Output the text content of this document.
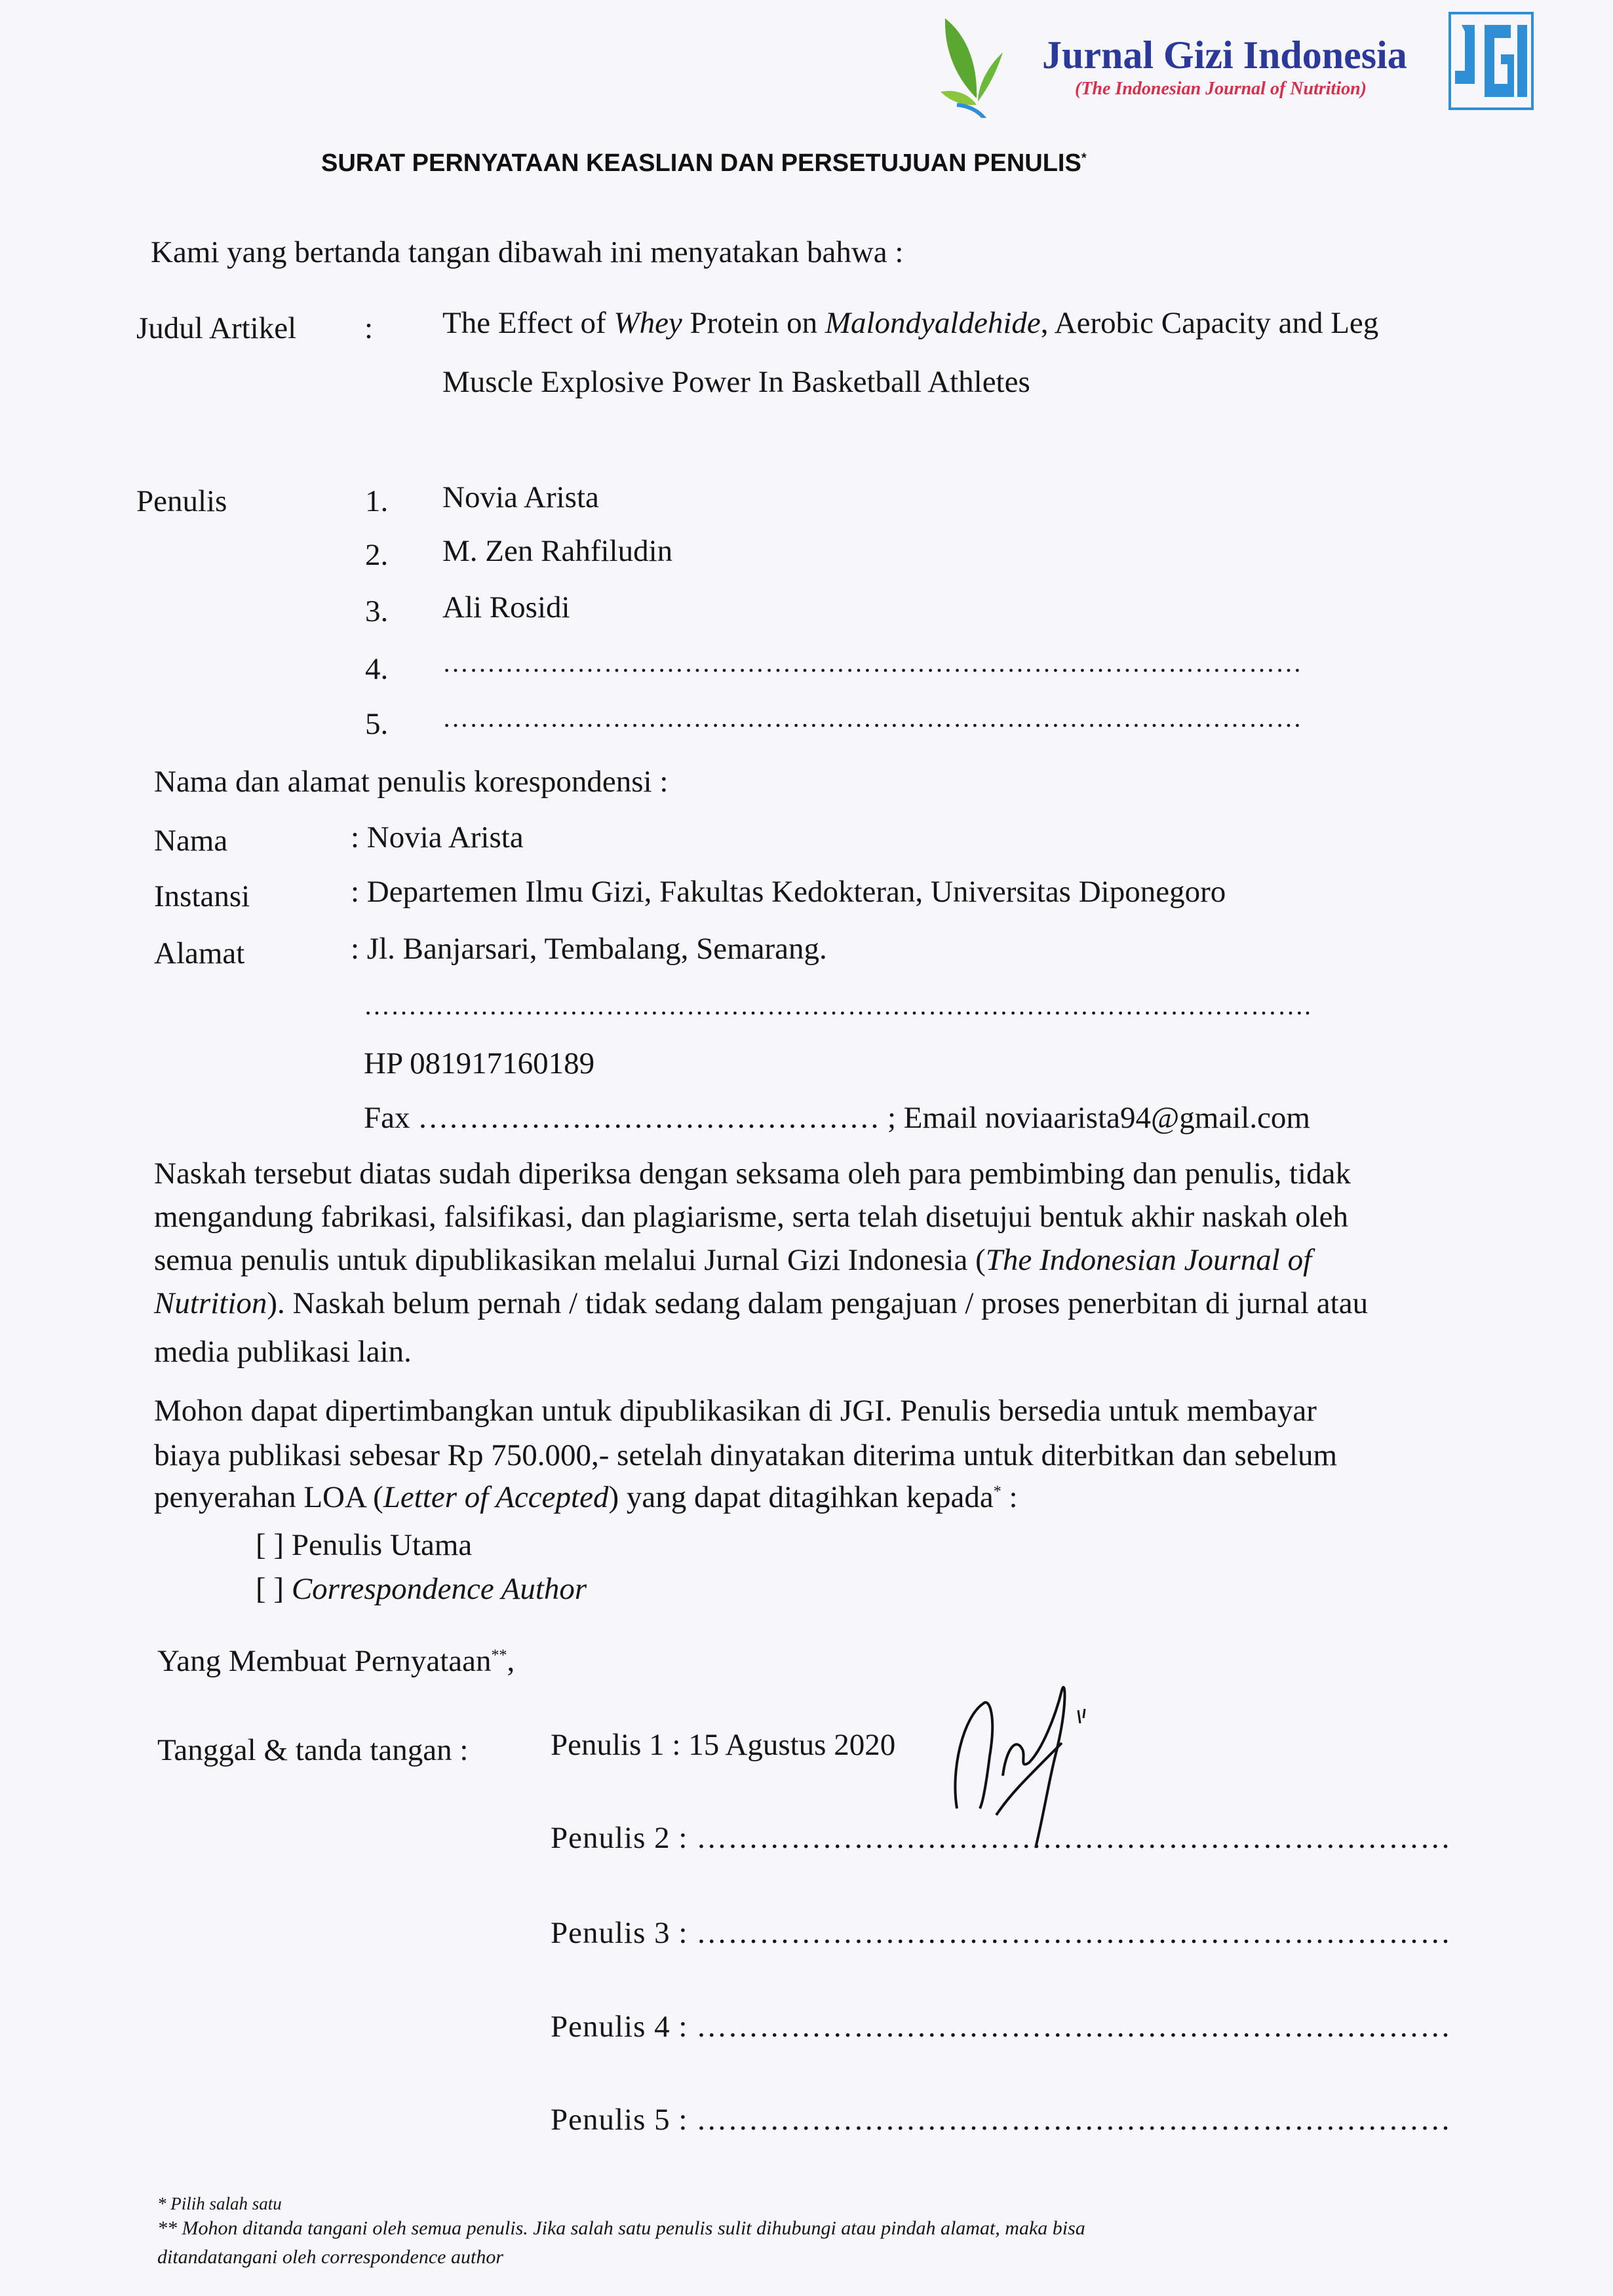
Jurnal Gizi Indonesia
(The Indonesian Journal of Nutrition)
SURAT PERNYATAAN KEASLIAN DAN PERSETUJUAN PENULIS*
Kami yang bertanda tangan dibawah ini menyatakan bahwa :
Judul Artikel : The Effect of Whey Protein on Malondyaldehide, Aerobic Capacity and Leg
Muscle Explosive Power In Basketball Athletes
Penulis	1. Novia Arista
2. M. Zen Rahfiludin
3. Ali Rosidi
4. ……………………………………………………………………………………
5. ……………………………………………………………………………………
Nama dan alamat penulis korespondensi :
Nama	: Novia Arista
Instansi	: Departemen Ilmu Gizi, Fakultas Kedokteran, Universitas Diponegoro
Alamat	: Jl. Banjarsari, Tembalang, Semarang.
…………………………………………………………………………………………….
HP 081917160189
Fax ……………………………………… ; Email noviaarista94@gmail.com
Naskah tersebut diatas sudah diperiksa dengan seksama oleh para pembimbing dan penulis, tidak
mengandung fabrikasi, falsifikasi, dan plagiarisme, serta telah disetujui bentuk akhir naskah oleh
semua penulis untuk dipublikasikan melalui Jurnal Gizi Indonesia (The Indonesian Journal of
Nutrition). Naskah belum pernah / tidak sedang dalam pengajuan / proses penerbitan di jurnal atau
media publikasi lain.
Mohon dapat dipertimbangkan untuk dipublikasikan di JGI. Penulis bersedia untuk membayar
biaya publikasi sebesar Rp 750.000,- setelah dinyatakan diterima untuk diterbitkan dan sebelum
penyerahan LOA (Letter of Accepted) yang dapat ditagihkan kepada* :
[ ] Penulis Utama
[ ] Correspondence Author
Yang Membuat Pernyataan**,
Tanggal & tanda tangan :	Penulis 1 : 15 Agustus 2020
Penulis 2 : ………………………………………………………………
Penulis 3 : ………………………………………………………………
Penulis 4 : ………………………………………………………………
Penulis 5 : ………………………………………………………………
* Pilih salah satu
** Mohon ditanda tangani oleh semua penulis. Jika salah satu penulis sulit dihubungi atau pindah alamat, maka bisa
ditandatangani oleh correspondence author
